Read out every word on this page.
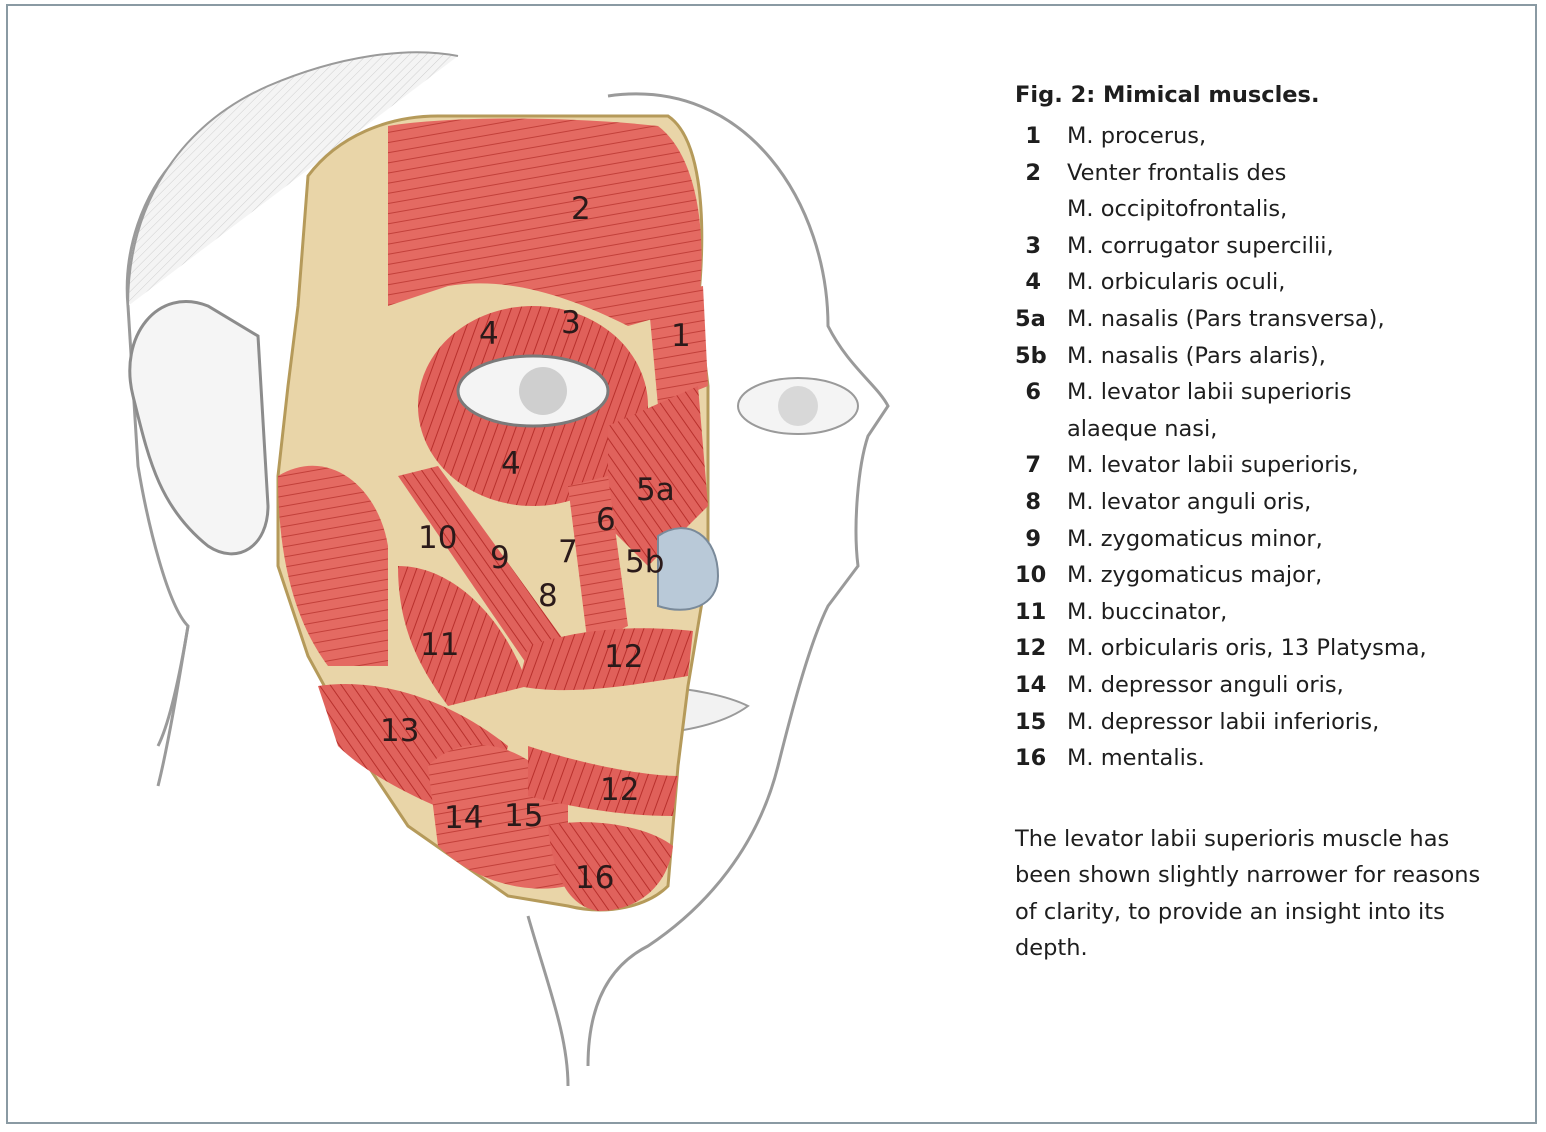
2
1
3
4
4
5a
6
5b
7
9
10
8
11	12
13
12
14 15
16
Fig. 2: Mimical muscles.
1	M. procerus,
2	Venter frontalis des
M. occipitofrontalis,
3	M. corrugator supercilii,
4	M. orbicularis oculi,
5a M. nasalis (Pars transversa),
5b M. nasalis (Pars alaris),
6	M. levator labii superioris
alaeque nasi,
7	M. levator labii superioris,
8	M. levator anguli oris,
9	M. zygomaticus minor,
10 M. zygomaticus major,
11 M. buccinator,
12 M. orbicularis oris, 13 Platysma,
14 M. depressor anguli oris,
15 M. depressor labii inferioris,
16 M. mentalis.
The levator labii superioris muscle has been shown slightly narrower for reasons of clarity, to provide an insight into its depth.
